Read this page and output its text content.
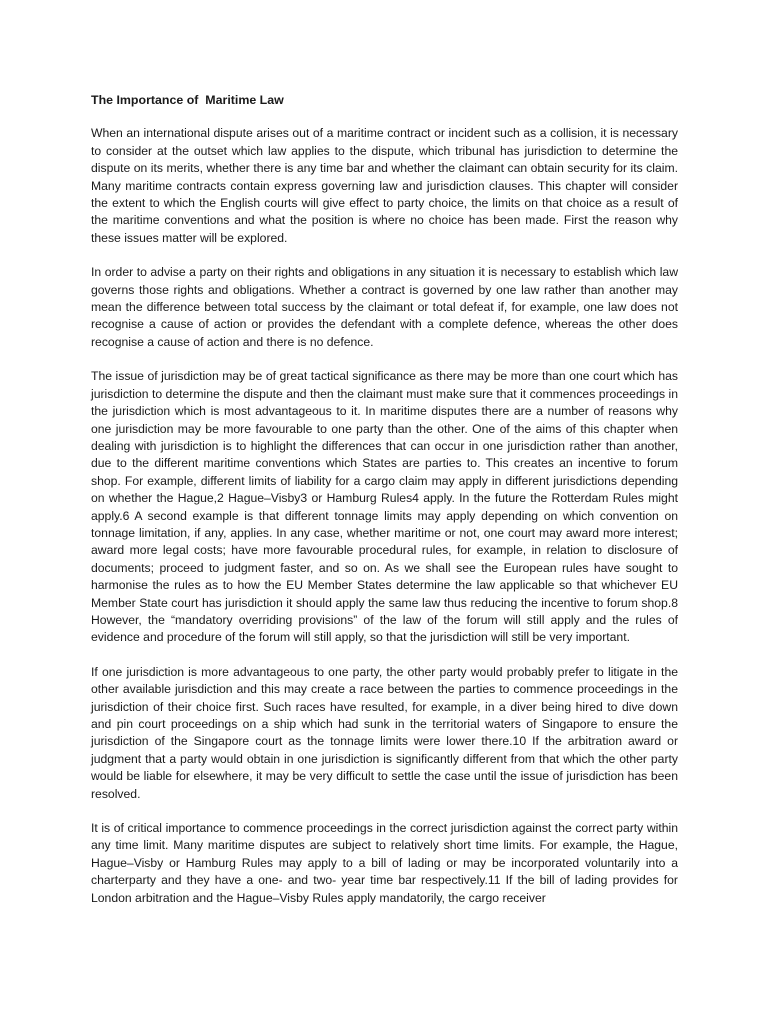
The Importance of  Maritime Law

When an international dispute arises out of a maritime contract or incident such as a collision, it is necessary to consider at the outset which law applies to the dispute, which tribunal has jurisdiction to determine the dispute on its merits, whether there is any time bar and whether the claimant can obtain security for its claim. Many maritime contracts contain express governing law and jurisdiction clauses. This chapter will consider the extent to which the English courts will give effect to party choice, the limits on that choice as a result of the maritime conventions and what the position is where no choice has been made. First the reason why these issues matter will be explored.

In order to advise a party on their rights and obligations in any situation it is necessary to establish which law governs those rights and obligations. Whether a contract is governed by one law rather than another may mean the difference between total success by the claimant or total defeat if, for example, one law does not recognise a cause of action or provides the defendant with a complete defence, whereas the other does recognise a cause of action and there is no defence.

The issue of jurisdiction may be of great tactical significance as there may be more than one court which has jurisdiction to determine the dispute and then the claimant must make sure that it commences proceedings in the jurisdiction which is most advantageous to it. In maritime disputes there are a number of reasons why one jurisdiction may be more favourable to one party than the other. One of the aims of this chapter when dealing with jurisdiction is to highlight the differences that can occur in one jurisdiction rather than another, due to the different maritime conventions which States are parties to. This creates an incentive to forum shop. For example, different limits of liability for a cargo claim may apply in different jurisdictions depending on whether the Hague,2 Hague–Visby3 or Hamburg Rules4 apply. In the future the Rotterdam Rules might apply.6 A second example is that different tonnage limits may apply depending on which convention on tonnage limitation, if any, applies. In any case, whether maritime or not, one court may award more interest; award more legal costs; have more favourable procedural rules, for example, in relation to disclosure of documents; proceed to judgment faster, and so on. As we shall see the European rules have sought to harmonise the rules as to how the EU Member States determine the law applicable so that whichever EU Member State court has jurisdiction it should apply the same law thus reducing the incentive to forum shop.8 However, the “mandatory overriding provisions” of the law of the forum will still apply and the rules of evidence and procedure of the forum will still apply, so that the jurisdiction will still be very important.

If one jurisdiction is more advantageous to one party, the other party would probably prefer to litigate in the other available jurisdiction and this may create a race between the parties to commence proceedings in the jurisdiction of their choice first. Such races have resulted, for example, in a diver being hired to dive down and pin court proceedings on a ship which had sunk in the territorial waters of Singapore to ensure the jurisdiction of the Singapore court as the tonnage limits were lower there.10 If the arbitration award or judgment that a party would obtain in one jurisdiction is significantly different from that which the other party would be liable for elsewhere, it may be very difficult to settle the case until the issue of jurisdiction has been resolved.

It is of critical importance to commence proceedings in the correct jurisdiction against the correct party within any time limit. Many maritime disputes are subject to relatively short time limits. For example, the Hague, Hague–Visby or Hamburg Rules may apply to a bill of lading or may be incorporated voluntarily into a charterparty and they have a one- and two- year time bar respectively.11 If the bill of lading provides for London arbitration and the Hague–Visby Rules apply mandatorily, the cargo receiver
